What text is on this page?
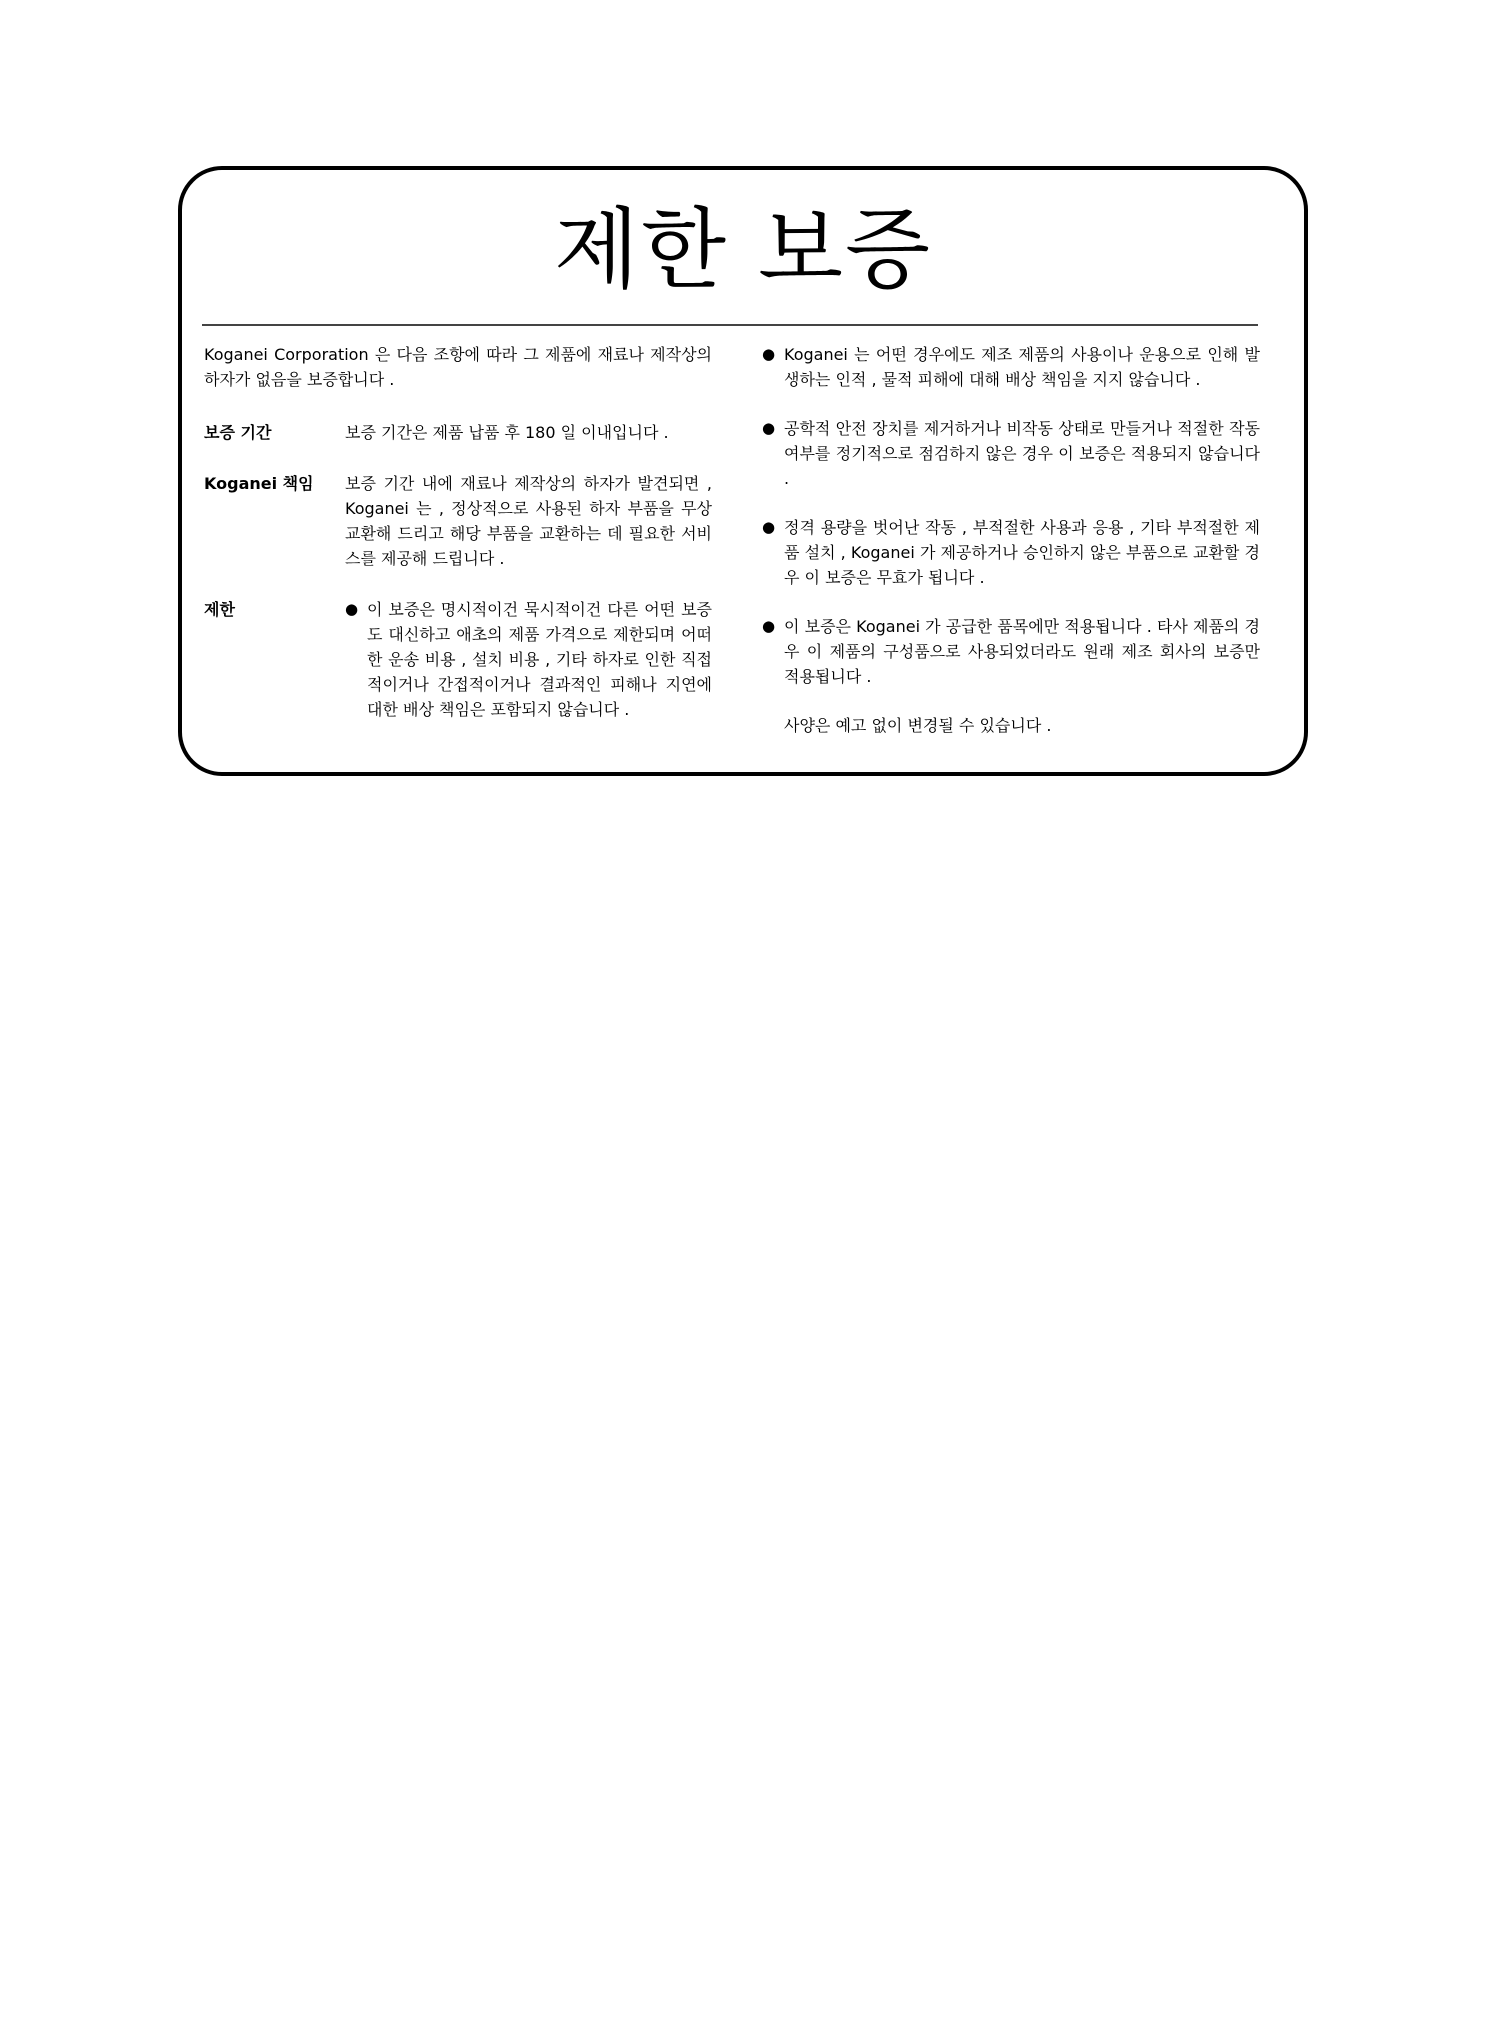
제한 보증

Koganei Corporation 은 다음 조항에 따라 그 제품에 재료나 제작상의 하자가 없음을 보증합니다 .

보증 기간	보증 기간은 제품 납품 후 180 일 이내입니다 .
Koganei 책임	보증 기간 내에 재료나 제작상의 하자가 발견되면 , Koganei 는 , 정상적으로 사용된 하자 부품을 무상 교환해 드리고 해당 부품을 교환하는 데 필요한 서비스를 제공해 드립니다 .
제한	● 이 보증은 명시적이건 묵시적이건 다른 어떤 보증도 대신하고 애초의 제품 가격으로 제한되며 어떠한 운송 비용 , 설치 비용 , 기타 하자로 인한 직접적이거나 간접적이거나 결과적인 피해나 지연에 대한 배상 책임은 포함되지 않습니다 .
● Koganei 는 어떤 경우에도 제조 제품의 사용이나 운용으로 인해 발생하는 인적 , 물적 피해에 대해 배상 책임을 지지 않습니다 .
● 공학적 안전 장치를 제거하거나 비작동 상태로 만들거나 적절한 작동 여부를 정기적으로 점검하지 않은 경우 이 보증은 적용되지 않습니다 .
● 정격 용량을 벗어난 작동 , 부적절한 사용과 응용 , 기타 부적절한 제품 설치 , Koganei 가 제공하거나 승인하지 않은 부품으로 교환할 경우 이 보증은 무효가 됩니다 .
● 이 보증은 Koganei 가 공급한 품목에만 적용됩니다 . 타사 제품의 경우 이 제품의 구성품으로 사용되었더라도 원래 제조 회사의 보증만 적용됩니다 .
사양은 예고 없이 변경될 수 있습니다 .
